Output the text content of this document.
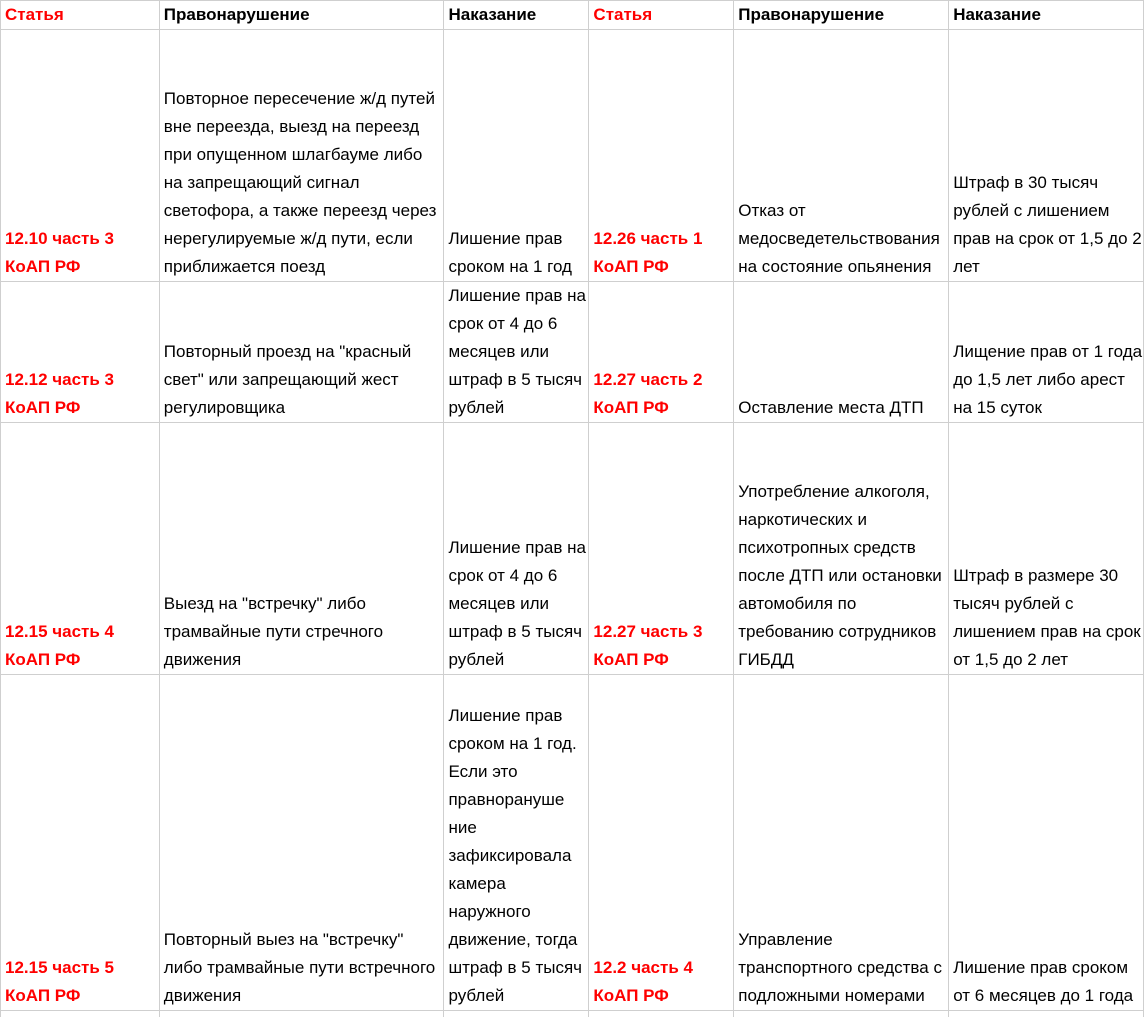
Статья	Правонарушение	Наказание	Статья	Правонарушение	Наказание
12.10 часть 3 КоАП РФ	Повторное пересечение ж/д путей вне переезда, выезд на переезд при опущенном шлагбауме либо на запрещающий сигнал светофора, а также переезд через нерегулируемые ж/д пути, если приближается поезд	Лишение прав сроком на 1 год	12.26 часть 1 КоАП РФ	Отказ от медосведетельствования на состояние опьянения	Штраф в 30 тысяч рублей с лишением прав на срок от 1,5 до 2 лет
12.12 часть 3 КоАП РФ	Повторный проезд на "красный свет" или запрещающий жест регулировщика	Лишение прав на срок от 4 до 6 месяцев или штраф в 5 тысяч рублей	12.27 часть 2 КоАП РФ	Оставление места ДТП	Лищение прав от 1 года до 1,5 лет либо арест на 15 суток
12.15 часть 4 КоАП РФ	Выезд на "встречку" либо трамвайные пути стречного движения	Лишение прав на срок от 4 до 6 месяцев или штраф в 5 тысяч рублей	12.27 часть 3 КоАП РФ	Употребление алкоголя, наркотических и психотропных средств после ДТП или остановки автомобиля по требованию сотрудников ГИБДД	Штраф в размере 30 тысяч рублей с лишением прав на срок от 1,5 до 2 лет
12.15 часть 5 КоАП РФ	Повторный выез на "встречку" либо трамвайные пути встречного движения	Лишение прав сроком на 1 год. Если это правнорануше ние зафиксировала камера наружного движение, тогда штраф в 5 тысяч рублей	12.2 часть 4 КоАП РФ	Управление транспортного средства с подложными номерами	Лишение прав сроком от 6 месяцев до 1 года
